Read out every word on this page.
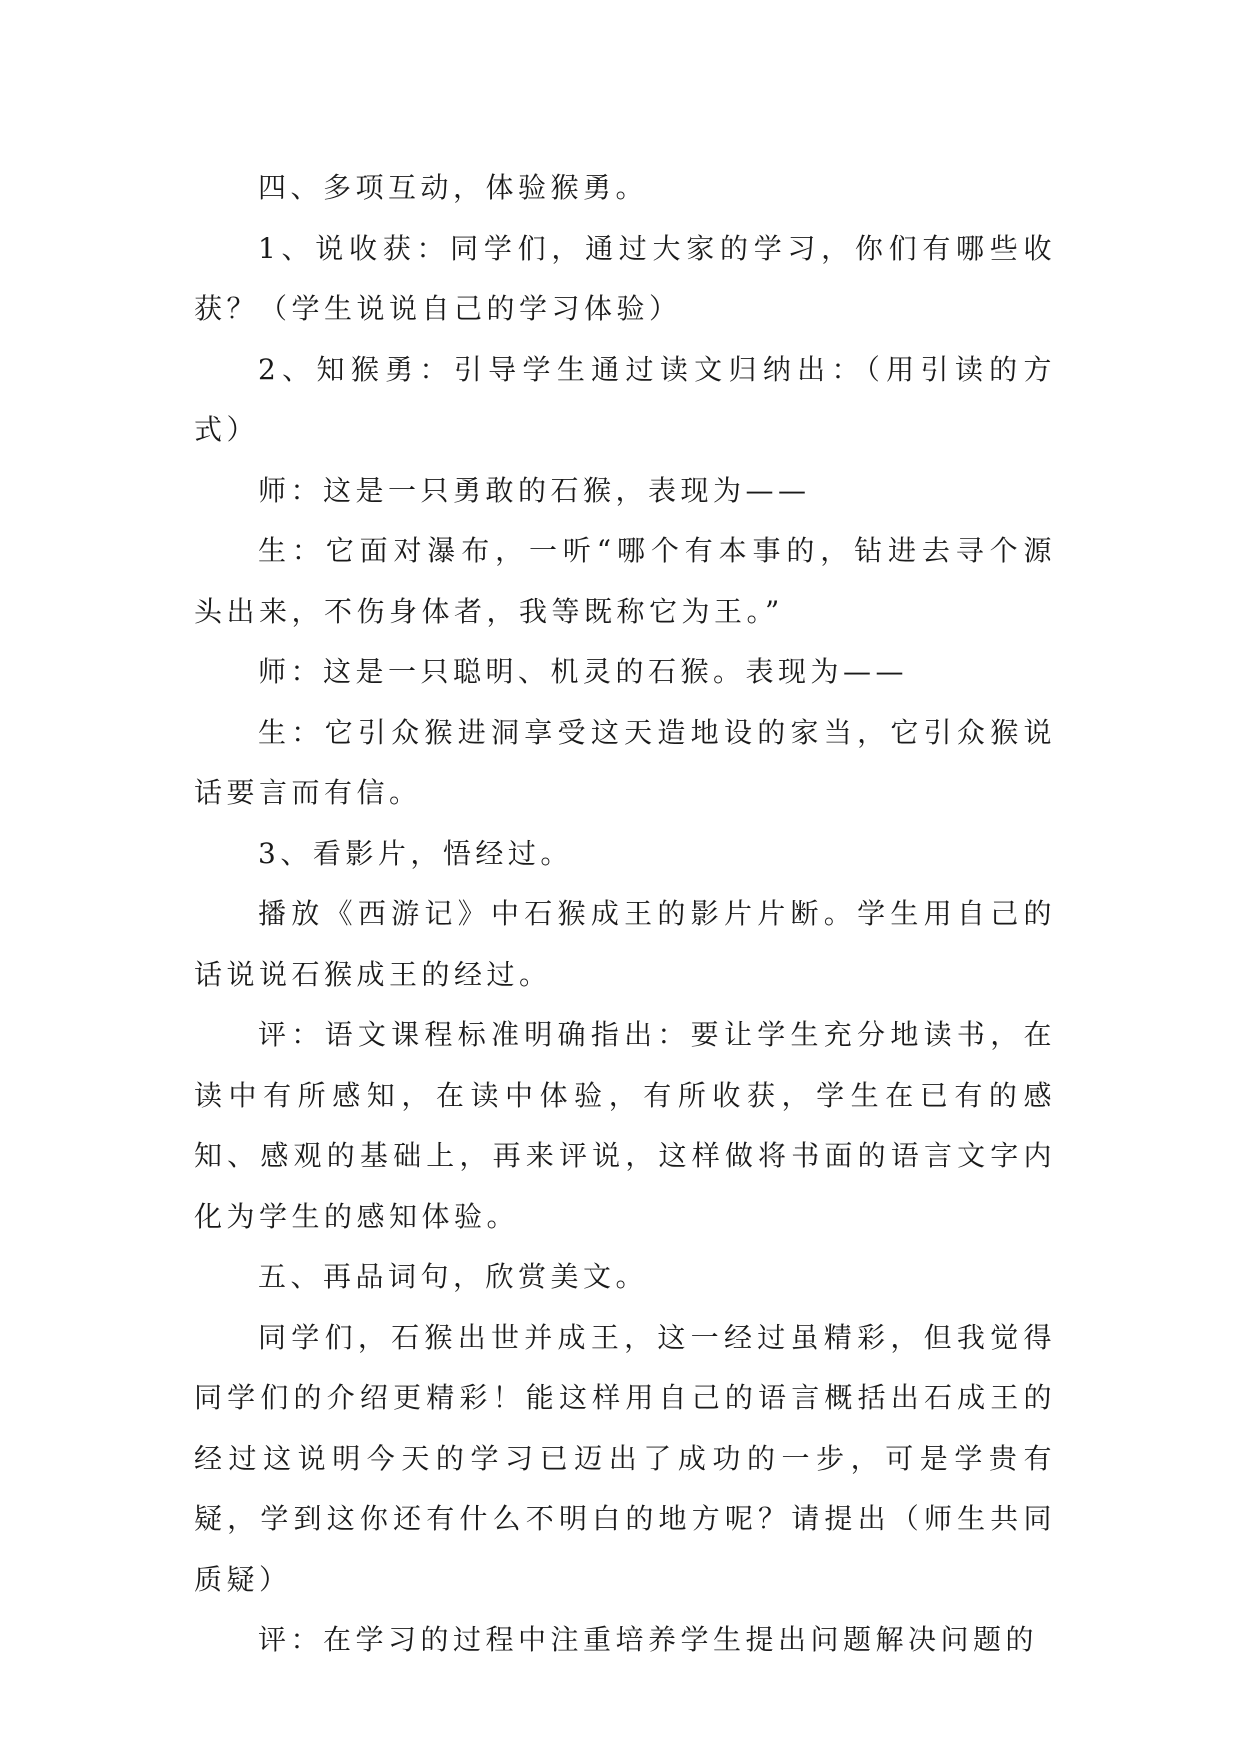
四、多项互动，体验猴勇。

1、说收获：同学们，通过大家的学习，你们有哪些收获？（学生说说自己的学习体验）

2、知猴勇：引导学生通过读文归纳出：（用引读的方式）

师：这是一只勇敢的石猴，表现为——

生：它面对瀑布，一听“哪个有本事的，钻进去寻个源头出来，不伤身体者，我等既称它为王。”

师：这是一只聪明、机灵的石猴。表现为——

生：它引众猴进洞享受这天造地设的家当，它引众猴说话要言而有信。

3、看影片，悟经过。

播放《西游记》中石猴成王的影片片断。学生用自己的话说说石猴成王的经过。

评：语文课程标准明确指出：要让学生充分地读书，在读中有所感知，在读中体验，有所收获，学生在已有的感知、感观的基础上，再来评说，这样做将书面的语言文字内化为学生的感知体验。

五、再品词句，欣赏美文。

同学们，石猴出世并成王，这一经过虽精彩，但我觉得同学们的介绍更精彩！能这样用自己的语言概括出石成王的经过这说明今天的学习已迈出了成功的一步，可是学贵有疑，学到这你还有什么不明白的地方呢？请提出（师生共同质疑）

评：在学习的过程中注重培养学生提出问题解决问题的
